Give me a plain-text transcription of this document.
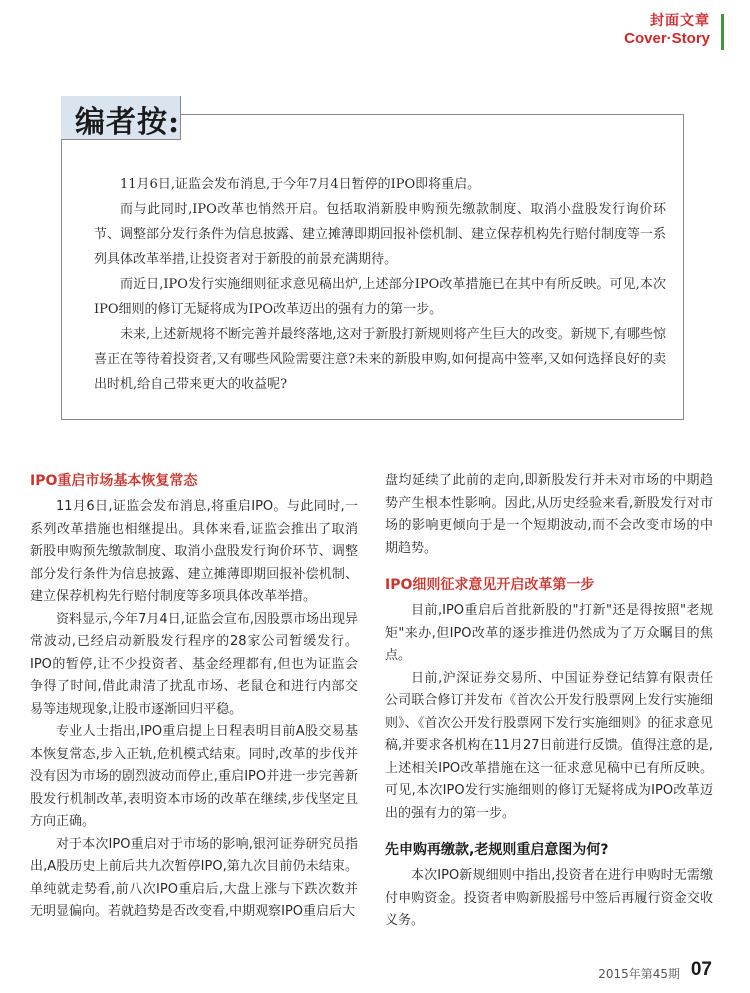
封面文章
Cover·Story
编者按:

11月6日,证监会发布消息,于今年7月4日暂停的IPO即将重启。

而与此同时,IPO改革也悄然开启。包括取消新股申购预先缴款制度、取消小盘股发行询价环节、调整部分发行条件为信息披露、建立摊薄即期回报补偿机制、建立保荐机构先行赔付制度等一系列具体改革举措,让投资者对于新股的前景充满期待。

而近日,IPO发行实施细则征求意见稿出炉,上述部分IPO改革措施已在其中有所反映。可见,本次IPO细则的修订无疑将成为IPO改革迈出的强有力的第一步。

未来,上述新规将不断完善并最终落地,这对于新股打新规则将产生巨大的改变。新规下,有哪些惊喜正在等待着投资者,又有哪些风险需要注意?未来的新股申购,如何提高中签率,又如何选择良好的卖出时机,给自己带来更大的收益呢?

IPO重启市场基本恢复常态

11月6日,证监会发布消息,将重启IPO。与此同时,一系列改革措施也相继提出。具体来看,证监会推出了取消新股申购预先缴款制度、取消小盘股发行询价环节、调整部分发行条件为信息披露、建立摊薄即期回报补偿机制、建立保荐机构先行赔付制度等多项具体改革举措。

资料显示,今年7月4日,证监会宣布,因股票市场出现异常波动,已经启动新股发行程序的28家公司暂缓发行。IPO的暂停,让不少投资者、基金经理都有,但也为证监会争得了时间,借此肃清了扰乱市场、老鼠仓和进行内部交易等违规现象,让股市逐渐回归平稳。

专业人士指出,IPO重启提上日程表明目前A股交易基本恢复常态,步入正轨,危机模式结束。同时,改革的步伐并没有因为市场的剧烈波动而停止,重启IPO并进一步完善新股发行机制改革,表明资本市场的改革在继续,步伐坚定且方向正确。

对于本次IPO重启对于市场的影响,银河证券研究员指出,A股历史上前后共九次暂停IPO,第九次目前仍未结束。单纯就走势看,前八次IPO重启后,大盘上涨与下跌次数并无明显偏向。若就趋势是否改变看,中期观察IPO重启后大

盘均延续了此前的走向,即新股发行并未对市场的中期趋势产生根本性影响。因此,从历史经验来看,新股发行对市场的影响更倾向于是一个短期波动,而不会改变市场的中期趋势。

IPO细则征求意见开启改革第一步

目前,IPO重启后首批新股的"打新"还是得按照"老规矩"来办,但IPO改革的逐步推进仍然成为了万众瞩目的焦点。

日前,沪深证券交易所、中国证券登记结算有限责任公司联合修订并发布《首次公开发行股票网上发行实施细则》、《首次公开发行股票网下发行实施细则》的征求意见稿,并要求各机构在11月27日前进行反馈。值得注意的是,上述相关IPO改革措施在这一征求意见稿中已有所反映。可见,本次IPO发行实施细则的修订无疑将成为IPO改革迈出的强有力的第一步。

先申购再缴款,老规则重启意图为何?

本次IPO新规细则中指出,投资者在进行申购时无需缴付申购资金。投资者申购新股摇号中签后再履行资金交收义务。

2015年第45期 07
